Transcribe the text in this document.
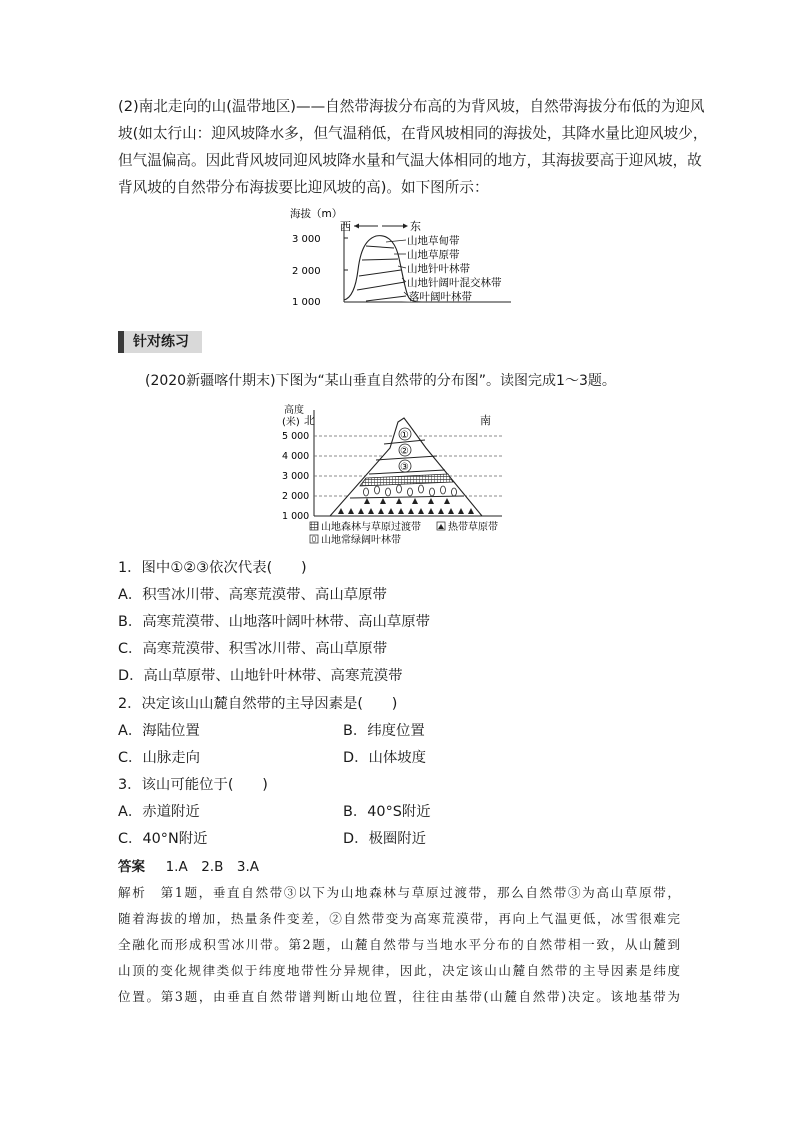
(2)南北走向的山(温带地区)——自然带海拔分布高的为背风坡，自然带海拔分布低的为迎风
坡(如太行山：迎风坡降水多，但气温稍低，在背风坡相同的海拔处，其降水量比迎风坡少，
但气温偏高。因此背风坡同迎风坡降水量和气温大体相同的地方，其海拔要高于迎风坡，故
背风坡的自然带分布海拔要比迎风坡的高)。如下图所示：
海拔（m）
3 000
2 000
1 000
西	东
山地草甸带
山地草原带
山地针叶林带
山地针阔叶混交林带
落叶阔叶林带
针对练习
(2020新疆喀什期末)下图为“某山垂直自然带的分布图”。读图完成1～3题。
高度
(米) 北	南
5 000
4 000
3 000
2 000
1 000
①
②
③
山地森林与草原过渡带	热带草原带
山地常绿阔叶林带
1．图中①②③依次代表(　　)
A．积雪冰川带、高寒荒漠带、高山草原带
B．高寒荒漠带、山地落叶阔叶林带、高山草原带
C．高寒荒漠带、积雪冰川带、高山草原带
D．高山草原带、山地针叶林带、高寒荒漠带
2．决定该山山麓自然带的主导因素是(　　)
A．海陆位置	B．纬度位置
C．山脉走向	D．山体坡度
3．该山可能位于(　　)
A．赤道附近	B．40°S附近
C．40°N附近	D．极圈附近
答案 1.A　2.B　3.A
解析　第1题，垂直自然带③以下为山地森林与草原过渡带，那么自然带③为高山草原带，
随着海拔的增加，热量条件变差，②自然带变为高寒荒漠带，再向上气温更低，冰雪很难完
全融化而形成积雪冰川带。第2题，山麓自然带与当地水平分布的自然带相一致，从山麓到
山顶的变化规律类似于纬度地带性分异规律，因此，决定该山山麓自然带的主导因素是纬度
位置。第3题，由垂直自然带谱判断山地位置，往往由基带(山麓自然带)决定。该地基带为
